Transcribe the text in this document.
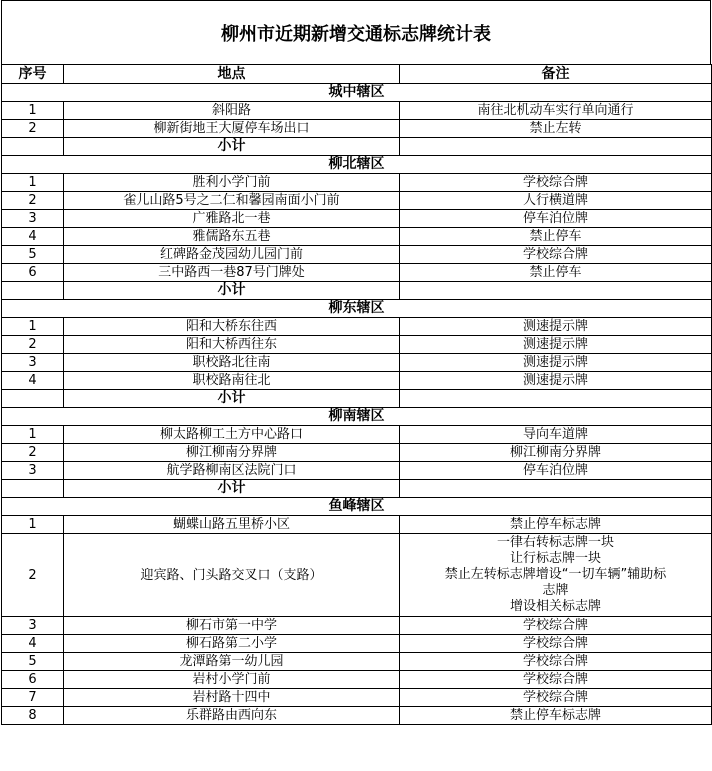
柳州市近期新增交通标志牌统计表
序号	地点	备注
城中辖区		
1	斜阳路	南往北机动车实行单向通行
2	柳新街地王大厦停车场出口	禁止左转
	小计	
柳北辖区		
1	胜利小学门前	学校综合牌
2	雀儿山路5号之二仁和馨园南面小门前	人行横道牌
3	广雅路北一巷	停车泊位牌
4	雅儒路东五巷	禁止停车
5	红碑路金茂园幼儿园门前	学校综合牌
6	三中路西一巷87号门牌处	禁止停车
	小计	
柳东辖区		
1	阳和大桥东往西	测速提示牌
2	阳和大桥西往东	测速提示牌
3	职校路北往南	测速提示牌
4	职校路南往北	测速提示牌
	小计	
柳南辖区		
1	柳太路柳工土方中心路口	导向车道牌
2	柳江柳南分界牌	柳江柳南分界牌
3	航学路柳南区法院门口	停车泊位牌
	小计	
鱼峰辖区		
1	蝴蝶山路五里桥小区	禁止停车标志牌
2	迎宾路、门头路交叉口（支路）	一律右转标志牌一块
让行标志牌一块
禁止左转标志牌增设“一切车辆”辅助标
志牌
增设相关标志牌

3	柳石市第一中学	学校综合牌
4	柳石路第二小学	学校综合牌
5	龙潭路第一幼儿园	学校综合牌
6	岩村小学门前	学校综合牌
7	岩村路十四中	学校综合牌
8	乐群路由西向东	禁止停车标志牌
